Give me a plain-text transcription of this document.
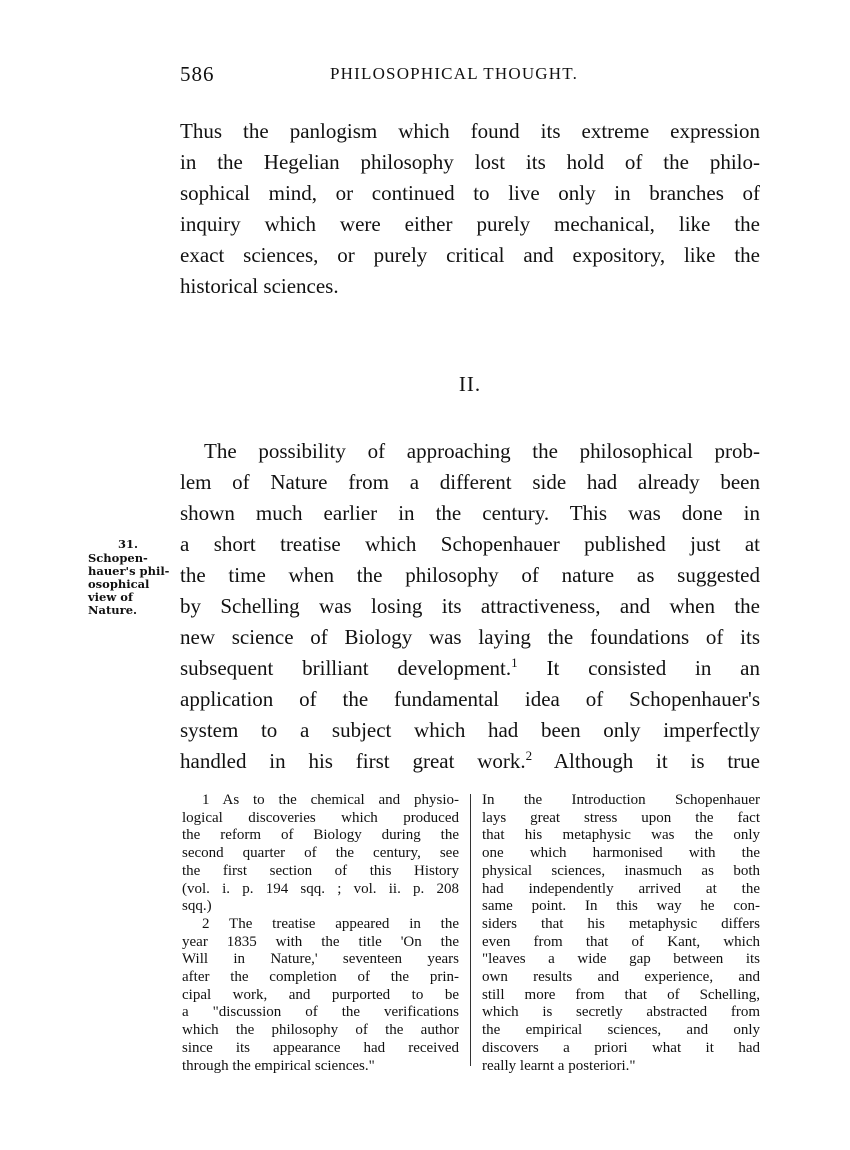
586	PHILOSOPHICAL THOUGHT.
Thus the panlogism which found its extreme expression
in the Hegelian philosophy lost its hold of the philo-
sophical mind, or continued to live only in branches of
inquiry which were either purely mechanical, like the
exact sciences, or purely critical and expository, like the
historical sciences.
II.
The possibility of approaching the philosophical prob-
lem of Nature from a different side had already been
shown much earlier in the century. This was done in
a short treatise which Schopenhauer published just at
the time when the philosophy of nature as suggested
by Schelling was losing its attractiveness, and when the
new science of Biology was laying the foundations of its
subsequent brilliant development.$^1$ It consisted in an
application of the fundamental idea of Schopenhauer's
system to a subject which had been only imperfectly
handled in his first great work.$^2$ Although it is true
31.
Schopen-
hauer's phil-
osophical
view of
Nature.
1 As to the chemical and physio-
logical discoveries which produced
the reform of Biology during the
second quarter of the century, see
the first section of this History
(vol. i. p. 194 sqq. ; vol. ii. p. 208
sqq.)
2 The treatise appeared in the
year 1835 with the title 'On the
Will in Nature,' seventeen years
after the completion of the prin-
cipal work, and purported to be
a "discussion of the verifications
which the philosophy of the author
since its appearance had received
through the empirical sciences."
In the Introduction Schopenhauer
lays great stress upon the fact
that his metaphysic was the only
one which harmonised with the
physical sciences, inasmuch as both
had independently arrived at the
same point. In this way he con-
siders that his metaphysic differs
even from that of Kant, which
"leaves a wide gap between its
own results and experience, and
still more from that of Schelling,
which is secretly abstracted from
the empirical sciences, and only
discovers a priori what it had
really learnt a posteriori."
